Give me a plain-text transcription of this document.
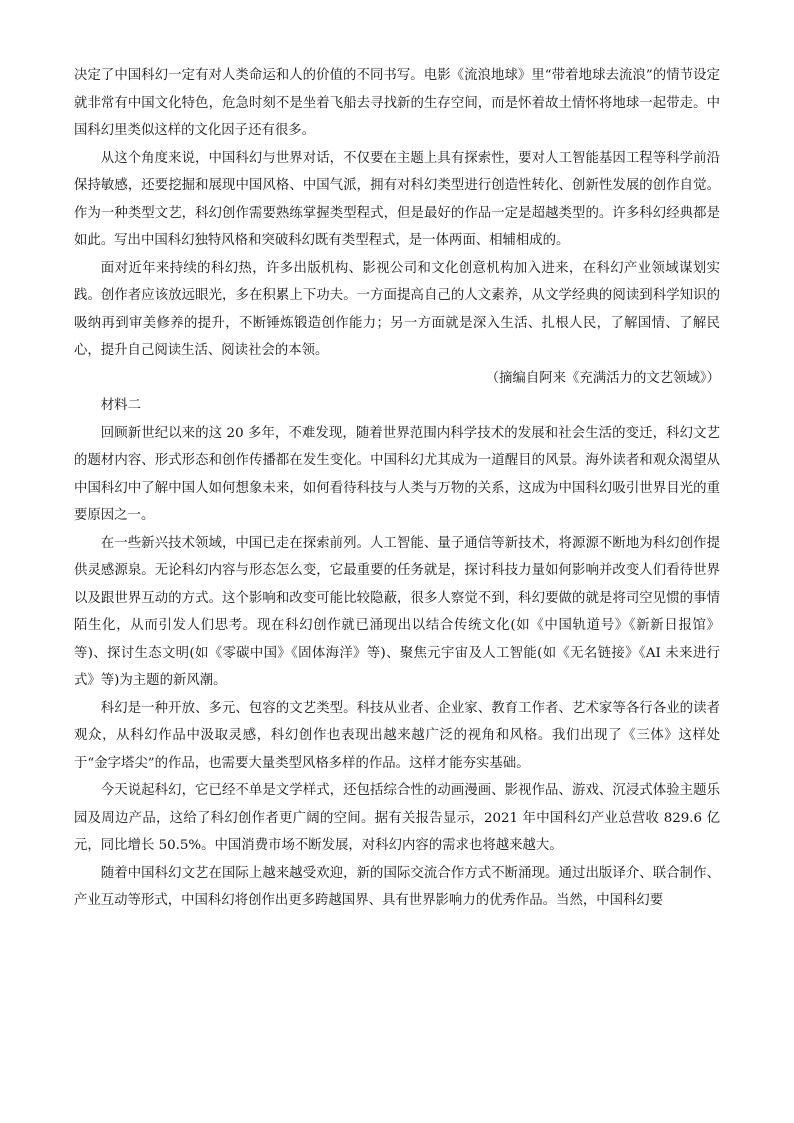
决定了中国科幻一定有对人类命运和人的价值的不同书写。电影《流浪地球》里“带着地球去流浪”的情节设定就非常有中国文化特色，危急时刻不是坐着飞船去寻找新的生存空间，而是怀着故土情怀将地球一起带走。中国科幻里类似这样的文化因子还有很多。

从这个角度来说，中国科幻与世界对话，不仅要在主题上具有探索性，要对人工智能基因工程等科学前沿保持敏感，还要挖掘和展现中国风格、中国气派，拥有对科幻类型进行创造性转化、创新性发展的创作自觉。作为一种类型文艺，科幻创作需要熟练掌握类型程式，但是最好的作品一定是超越类型的。许多科幻经典都是如此。写出中国科幻独特风格和突破科幻既有类型程式，是一体两面、相辅相成的。

面对近年来持续的科幻热，许多出版机构、影视公司和文化创意机构加入进来，在科幻产业领域谋划实践。创作者应该放远眼光，多在积累上下功夫。一方面提高自己的人文素养，从文学经典的阅读到科学知识的吸纳再到审美修养的提升，不断锤炼锻造创作能力；另一方面就是深入生活、扎根人民，了解国情、了解民心，提升自己阅读生活、阅读社会的本领。

（摘编自阿来《充满活力的文艺领域》）

材料二

回顾新世纪以来的这 20 多年，不难发现，随着世界范围内科学技术的发展和社会生活的变迁，科幻文艺的题材内容、形式形态和创作传播都在发生变化。中国科幻尤其成为一道醒目的风景。海外读者和观众渴望从中国科幻中了解中国人如何想象未来，如何看待科技与人类与万物的关系，这成为中国科幻吸引世界目光的重要原因之一。

在一些新兴技术领域，中国已走在探索前列。人工智能、量子通信等新技术，将源源不断地为科幻创作提供灵感源泉。无论科幻内容与形态怎么变，它最重要的任务就是，探讨科技力量如何影响并改变人们看待世界以及跟世界互动的方式。这个影响和改变可能比较隐蔽，很多人察觉不到，科幻要做的就是将司空见惯的事情陌生化，从而引发人们思考。现在科幻创作就已涌现出以结合传统文化(如《中国轨道号》《新新日报馆》等)、探讨生态文明(如《零碳中国》《固体海洋》等)、聚焦元宇宙及人工智能(如《无名链接》《AI 未来进行式》等)为主题的新风潮。

科幻是一种开放、多元、包容的文艺类型。科技从业者、企业家、教育工作者、艺术家等各行各业的读者观众，从科幻作品中汲取灵感，科幻创作也表现出越来越广泛的视角和风格。我们出现了《三体》这样处于“金字塔尖”的作品，也需要大量类型风格多样的作品。这样才能夯实基础。

今天说起科幻，它已经不单是文学样式，还包括综合性的动画漫画、影视作品、游戏、沉浸式体验主题乐园及周边产品，这给了科幻创作者更广阔的空间。据有关报告显示，2021 年中国科幻产业总营收 829.6 亿元，同比增长 50.5%。中国消费市场不断发展，对科幻内容的需求也将越来越大。

随着中国科幻文艺在国际上越来越受欢迎，新的国际交流合作方式不断涌现。通过出版译介、联合制作、产业互动等形式，中国科幻将创作出更多跨越国界、具有世界影响力的优秀作品。当然，中国科幻要
